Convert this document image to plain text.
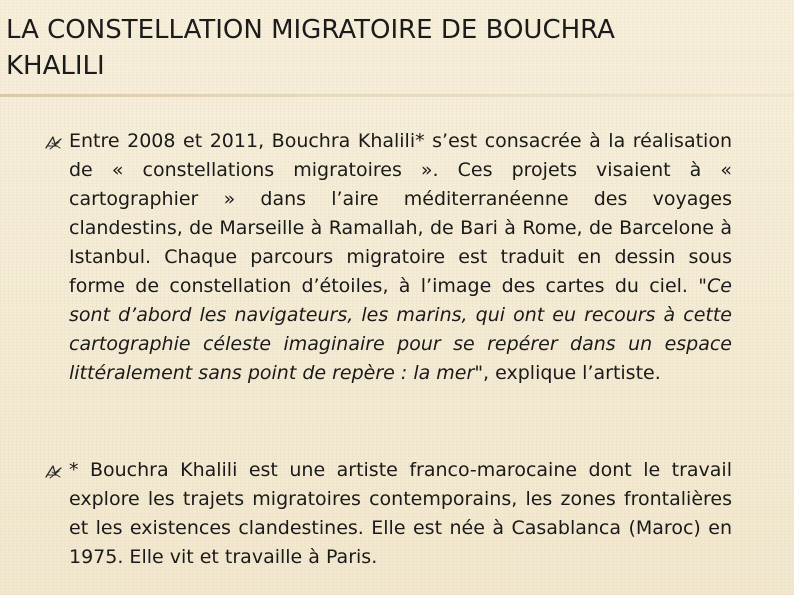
LA CONSTELLATION MIGRATOIRE DE BOUCHRA
KHALILI

Entre 2008 et 2011, Bouchra Khalili* s’est consacrée à la réalisation de « constellations migratoires ». Ces projets visaient à « cartographier » dans l’aire méditerranéenne des voyages clandestins, de Marseille à Ramallah, de Bari à Rome, de Barcelone à Istanbul. Chaque parcours migratoire est traduit en dessin sous forme de constellation d’étoiles, à l’image des cartes du ciel. "Ce sont d’abord les navigateurs, les marins, qui ont eu recours à cette cartographie céleste imaginaire pour se repérer dans un espace littéralement sans point de repère : la mer", explique l’artiste.

* Bouchra Khalili est une artiste franco-marocaine dont le travail explore les trajets migratoires contemporains, les zones frontalières et les existences clandestines. Elle est née à Casablanca (Maroc) en 1975. Elle vit et travaille à Paris.
